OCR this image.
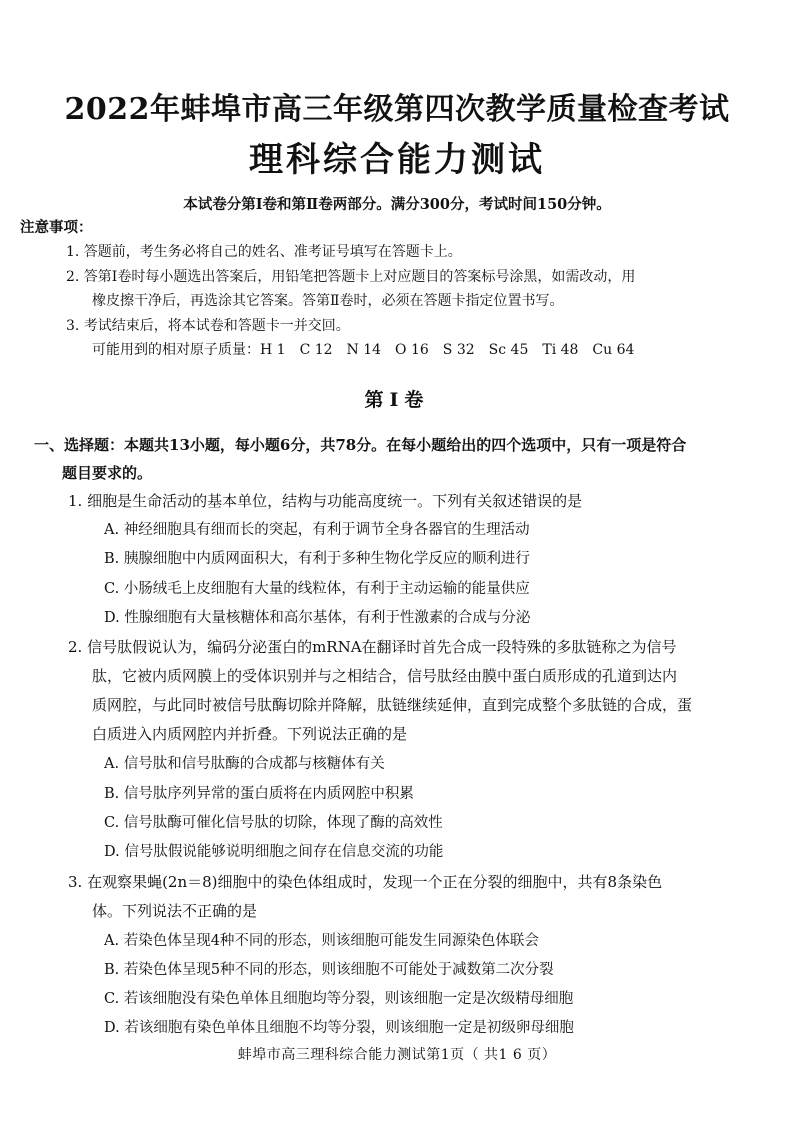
2022年蚌埠市高三年级第四次教学质量检查考试
理科综合能力测试
本试卷分第Ⅰ卷和第Ⅱ卷两部分。满分300分，考试时间150分钟。
注意事项：
1. 答题前，考生务必将自己的姓名、准考证号填写在答题卡上。
2. 答第Ⅰ卷时每小题选出答案后，用铅笔把答题卡上对应题目的答案标号涂黑，如需改动，用
橡皮擦干净后，再选涂其它答案。答第Ⅱ卷时，必须在答题卡指定位置书写。
3. 考试结束后，将本试卷和答题卡一并交回。
可能用到的相对原子质量：H 1　C 12　N 14　O 16　S 32　Sc 45　Ti 48　Cu 64
第Ⅰ卷
一、选择题：本题共13小题，每小题6分，共78分。在每小题给出的四个选项中，只有一项是符合
题目要求的。
1. 细胞是生命活动的基本单位，结构与功能高度统一。下列有关叙述错误的是
A. 神经细胞具有细而长的突起，有利于调节全身各器官的生理活动
B. 胰腺细胞中内质网面积大，有利于多种生物化学反应的顺利进行
C. 小肠绒毛上皮细胞有大量的线粒体，有利于主动运输的能量供应
D. 性腺细胞有大量核糖体和高尔基体，有利于性激素的合成与分泌
2. 信号肽假说认为，编码分泌蛋白的mRNA在翻译时首先合成一段特殊的多肽链称之为信号
肽，它被内质网膜上的受体识别并与之相结合，信号肽经由膜中蛋白质形成的孔道到达内
质网腔，与此同时被信号肽酶切除并降解，肽链继续延伸，直到完成整个多肽链的合成，蛋
白质进入内质网腔内并折叠。下列说法正确的是
A. 信号肽和信号肽酶的合成都与核糖体有关
B. 信号肽序列异常的蛋白质将在内质网腔中积累
C. 信号肽酶可催化信号肽的切除，体现了酶的高效性
D. 信号肽假说能够说明细胞之间存在信息交流的功能
3. 在观察果蝇(2n＝8)细胞中的染色体组成时，发现一个正在分裂的细胞中，共有8条染色
体。下列说法不正确的是
A. 若染色体呈现4种不同的形态，则该细胞可能发生同源染色体联会
B. 若染色体呈现5种不同的形态，则该细胞不可能处于减数第二次分裂
C. 若该细胞没有染色单体且细胞均等分裂，则该细胞一定是次级精母细胞
D. 若该细胞有染色单体且细胞不均等分裂，则该细胞一定是初级卵母细胞
蚌埠市高三理科综合能力测试第1页（ 共1 6 页）
